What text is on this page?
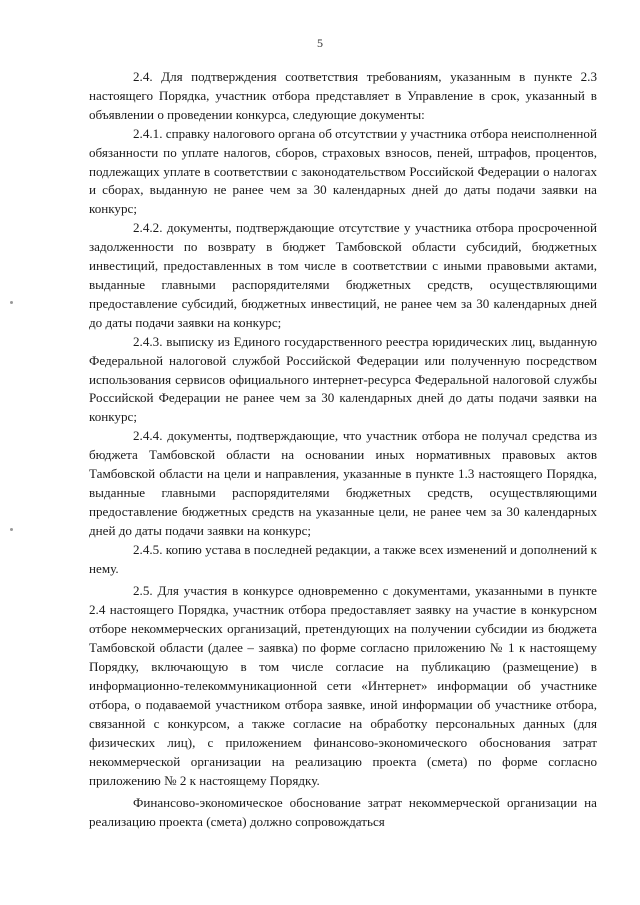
5

2.4. Для подтверждения соответствия требованиям, указанным в пункте 2.3 настоящего Порядка, участник отбора представляет в Управление в срок, указанный в объявлении о проведении конкурса, следующие документы:

2.4.1. справку налогового органа об отсутствии у участника отбора неисполненной обязанности по уплате налогов, сборов, страховых взносов, пеней, штрафов, процентов, подлежащих уплате в соответствии с законодательством Российской Федерации о налогах и сборах, выданную не ранее чем за 30 календарных дней до даты подачи заявки на конкурс;

2.4.2. документы, подтверждающие отсутствие у участника отбора просроченной задолженности по возврату в бюджет Тамбовской области субсидий, бюджетных инвестиций, предоставленных в том числе в соответствии с иными правовыми актами, выданные главными распорядителями бюджетных средств, осуществляющими предоставление субсидий, бюджетных инвестиций, не ранее чем за 30 календарных дней до даты подачи заявки на конкурс;

2.4.3. выписку из Единого государственного реестра юридических лиц, выданную Федеральной налоговой службой Российской Федерации или полученную посредством использования сервисов официального интернет-ресурса Федеральной налоговой службы Российской Федерации не ранее чем за 30 календарных дней до даты подачи заявки на конкурс;

2.4.4. документы, подтверждающие, что участник отбора не получал средства из бюджета Тамбовской области на основании иных нормативных правовых актов Тамбовской области на цели и направления, указанные в пункте 1.3 настоящего Порядка, выданные главными распорядителями бюджетных средств, осуществляющими предоставление бюджетных средств на указанные цели, не ранее чем за 30 календарных дней до даты подачи заявки на конкурс;

2.4.5. копию устава в последней редакции, а также всех изменений и дополнений к нему.

2.5. Для участия в конкурсе одновременно с документами, указанными в пункте 2.4 настоящего Порядка, участник отбора предоставляет заявку на участие в конкурсном отборе некоммерческих организаций, претендующих на получении субсидии из бюджета Тамбовской области (далее – заявка) по форме согласно приложению № 1 к настоящему Порядку, включающую в том числе согласие на публикацию (размещение) в информационно-телекоммуникационной сети «Интернет» информации об участнике отбора, о подаваемой участником отбора заявке, иной информации об участнике отбора, связанной с конкурсом, а также согласие на обработку персональных данных (для физических лиц), с приложением финансово-экономического обоснования затрат некоммерческой организации на реализацию проекта (смета) по форме согласно приложению № 2 к настоящему Порядку.

Финансово-экономическое обоснование затрат некоммерческой организации на реализацию проекта (смета) должно сопровождаться
